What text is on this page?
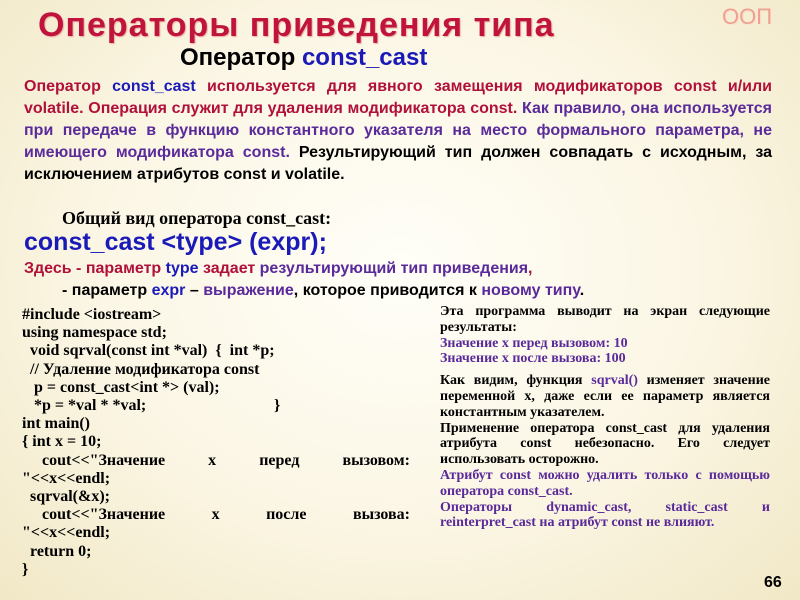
Операторы приведения типа	ООП
Оператор const_cast
Оператор const_cast используется для явного замещения модификаторов const и/или volatile. Операция служит для удаления модификатора const. Как правило, она используется при передаче в функцию константного указателя на место формального параметра, не имеющего модификатора const. Результирующий тип должен совпадать с исходным, за исключением атрибутов const и volatile.
Общий вид оператора const_cast:
const_cast <type> (expr);
Здесь - параметр type задает результирующий тип приведения,
- параметр expr – выражение, которое приводится к новому типу.
#include <iostream>
using namespace std;
void sqrval(const int *val)  {  int *p;
// Удаление модификатора const
p = const_cast<int *> (val);
*p = *val * *val;	}
int main()
{ int x = 10;
cout<<"Значение	x	перед	вызовом:
"<<x<<endl;
sqrval(&x);
cout<<"Значение	x	после	вызова:
"<<x<<endl;
return 0;
}

Эта программа выводит на экран следующие результаты:

Значение x перед вызовом: 10

Значение x после вызова: 100

Как видим, функция sqrval() изменяет значение переменной x, даже если ее параметр является константным указателем.

Применение оператора const_cast для удаления атрибута const небезопасно. Его следует использовать осторожно.

Атрибут const можно удалить только с помощью оператора const_cast.

Операторы dynamic_cast, static_cast и reinterpret_cast на атрибут const не влияют.

66
